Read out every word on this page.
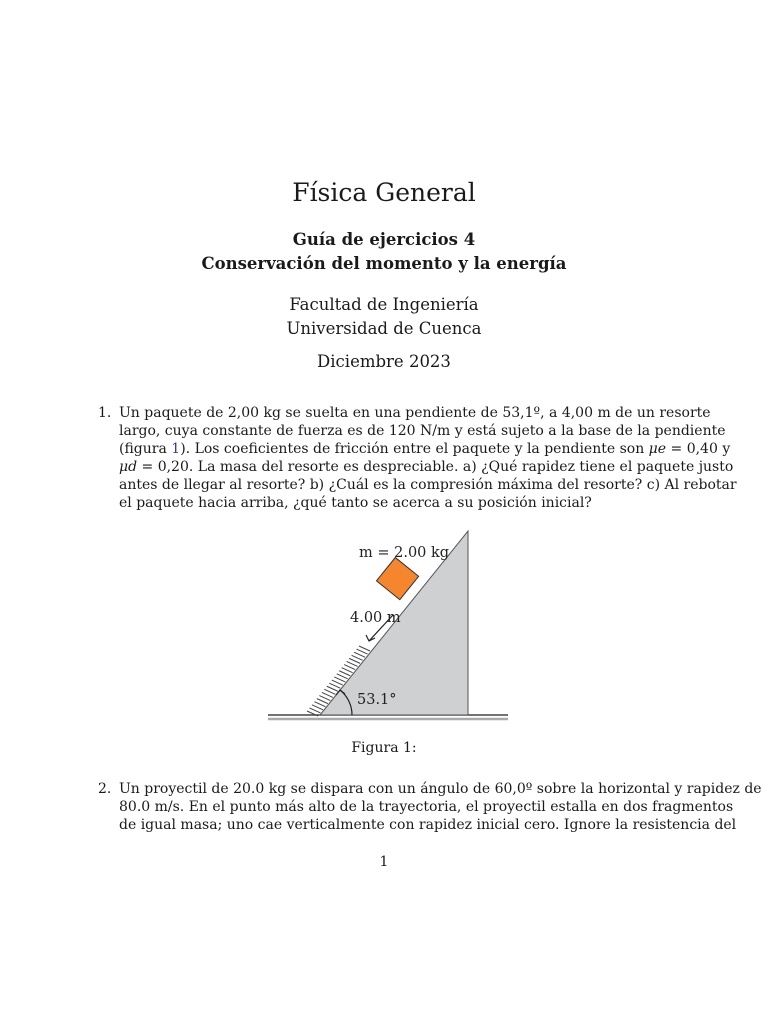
Física General
Guía de ejercicios 4
Conservación del momento y la energía
Facultad de Ingeniería
Universidad de Cuenca
Diciembre 2023
1. Un paquete de 2,00 kg se suelta en una pendiente de 53,1º, a 4,00 m de un resorte
largo, cuya constante de fuerza es de 120 N/m y está sujeto a la base de la pendiente
(figura 1). Los coeficientes de fricción entre el paquete y la pendiente son μe = 0,40 y
μd = 0,20. La masa del resorte es despreciable. a) ¿Qué rapidez tiene el paquete justo
antes de llegar al resorte? b) ¿Cuál es la compresión máxima del resorte? c) Al rebotar
el paquete hacia arriba, ¿qué tanto se acerca a su posición inicial?
m = 2.00 kg
4.00 m
53.1°
Figura 1:
2. Un proyectil de 20.0 kg se dispara con un ángulo de 60,0º sobre la horizontal y rapidez de
80.0 m/s. En el punto más alto de la trayectoria, el proyectil estalla en dos fragmentos
de igual masa; uno cae verticalmente con rapidez inicial cero. Ignore la resistencia del
1
